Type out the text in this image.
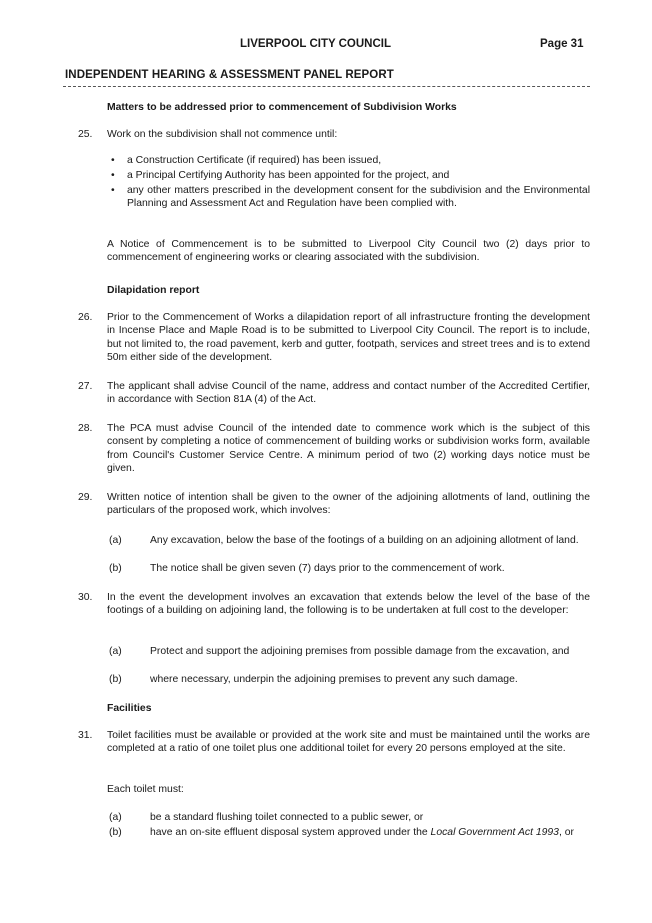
LIVERPOOL CITY COUNCIL	Page 31
INDEPENDENT HEARING & ASSESSMENT PANEL REPORT
Matters to be addressed prior to commencement of Subdivision Works
25. Work on the subdivision shall not commence until:
• a Construction Certificate (if required) has been issued,
• a Principal Certifying Authority has been appointed for the project, and
• any other matters prescribed in the development consent for the subdivision and the Environmental Planning and Assessment Act and Regulation have been complied with.
A Notice of Commencement is to be submitted to Liverpool City Council two (2) days prior to commencement of engineering works or clearing associated with the subdivision.
Dilapidation report
26. Prior to the Commencement of Works a dilapidation report of all infrastructure fronting the development in Incense Place and Maple Road is to be submitted to Liverpool City Council. The report is to include, but not limited to, the road pavement, kerb and gutter, footpath, services and street trees and is to extend 50m either side of the development.
27. The applicant shall advise Council of the name, address and contact number of the Accredited Certifier, in accordance with Section 81A (4) of the Act.
28. The PCA must advise Council of the intended date to commence work which is the subject of this consent by completing a notice of commencement of building works or subdivision works form, available from Council's Customer Service Centre. A minimum period of two (2) working days notice must be given.
29. Written notice of intention shall be given to the owner of the adjoining allotments of land, outlining the particulars of the proposed work, which involves:
(a)	Any excavation, below the base of the footings of a building on an adjoining allotment of land.
(b)	The notice shall be given seven (7) days prior to the commencement of work.
30. In the event the development involves an excavation that extends below the level of the base of the footings of a building on adjoining land, the following is to be undertaken at full cost to the developer:
(a)	Protect and support the adjoining premises from possible damage from the excavation, and
(b)	where necessary, underpin the adjoining premises to prevent any such damage.
Facilities
31. Toilet facilities must be available or provided at the work site and must be maintained until the works are completed at a ratio of one toilet plus one additional toilet for every 20 persons employed at the site.
Each toilet must:
(a)	be a standard flushing toilet connected to a public sewer, or
(b)	have an on-site effluent disposal system approved under the Local Government Act 1993, or
